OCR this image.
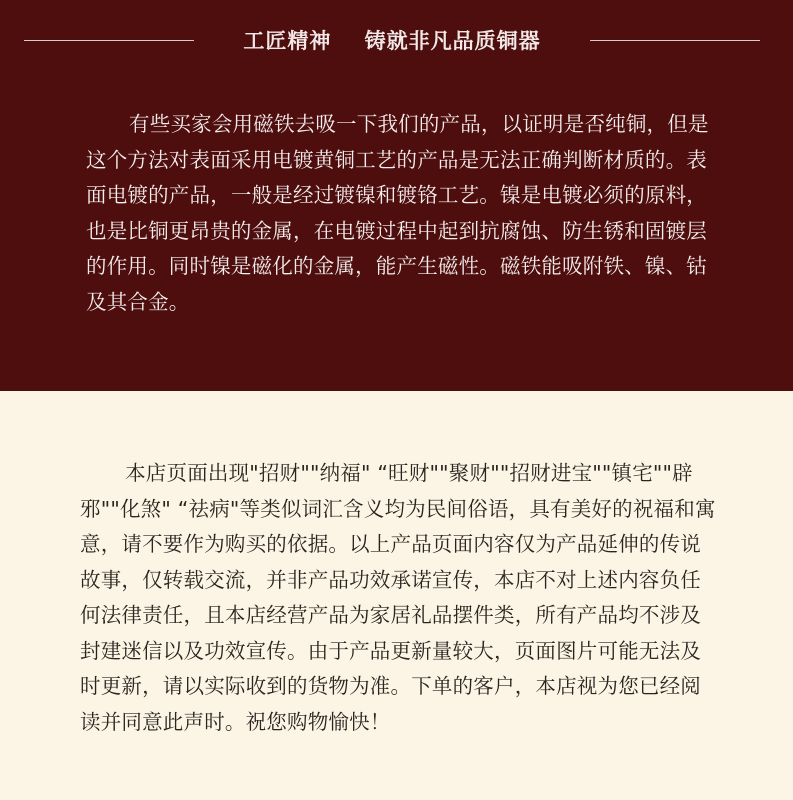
工匠精神    铸就非凡品质铜器

有些买家会用磁铁去吸一下我们的产品，以证明是否纯铜，但是这个方法对表面采用电镀黄铜工艺的产品是无法正确判断材质的。表面电镀的产品，一般是经过镀镍和镀铬工艺。镍是电镀必须的原料，也是比铜更昂贵的金属，在电镀过程中起到抗腐蚀、防生锈和固镀层的作用。同时镍是磁化的金属，能产生磁性。磁铁能吸附铁、镍、钴及其合金。

本店页面出现"招财""纳福" “旺财""聚财""招财进宝""镇宅""辟邪""化煞" “祛病"等类似词汇含义均为民间俗语，具有美好的祝福和寓意，请不要作为购买的依据。以上产品页面内容仅为产品延伸的传说故事，仅转载交流，并非产品功效承诺宣传，本店不对上述内容负任何法律责任，且本店经营产品为家居礼品摆件类，所有产品均不涉及封建迷信以及功效宣传。由于产品更新量较大，页面图片可能无法及时更新，请以实际收到的货物为准。下单的客户，本店视为您已经阅读并同意此声时。祝您购物愉快！
